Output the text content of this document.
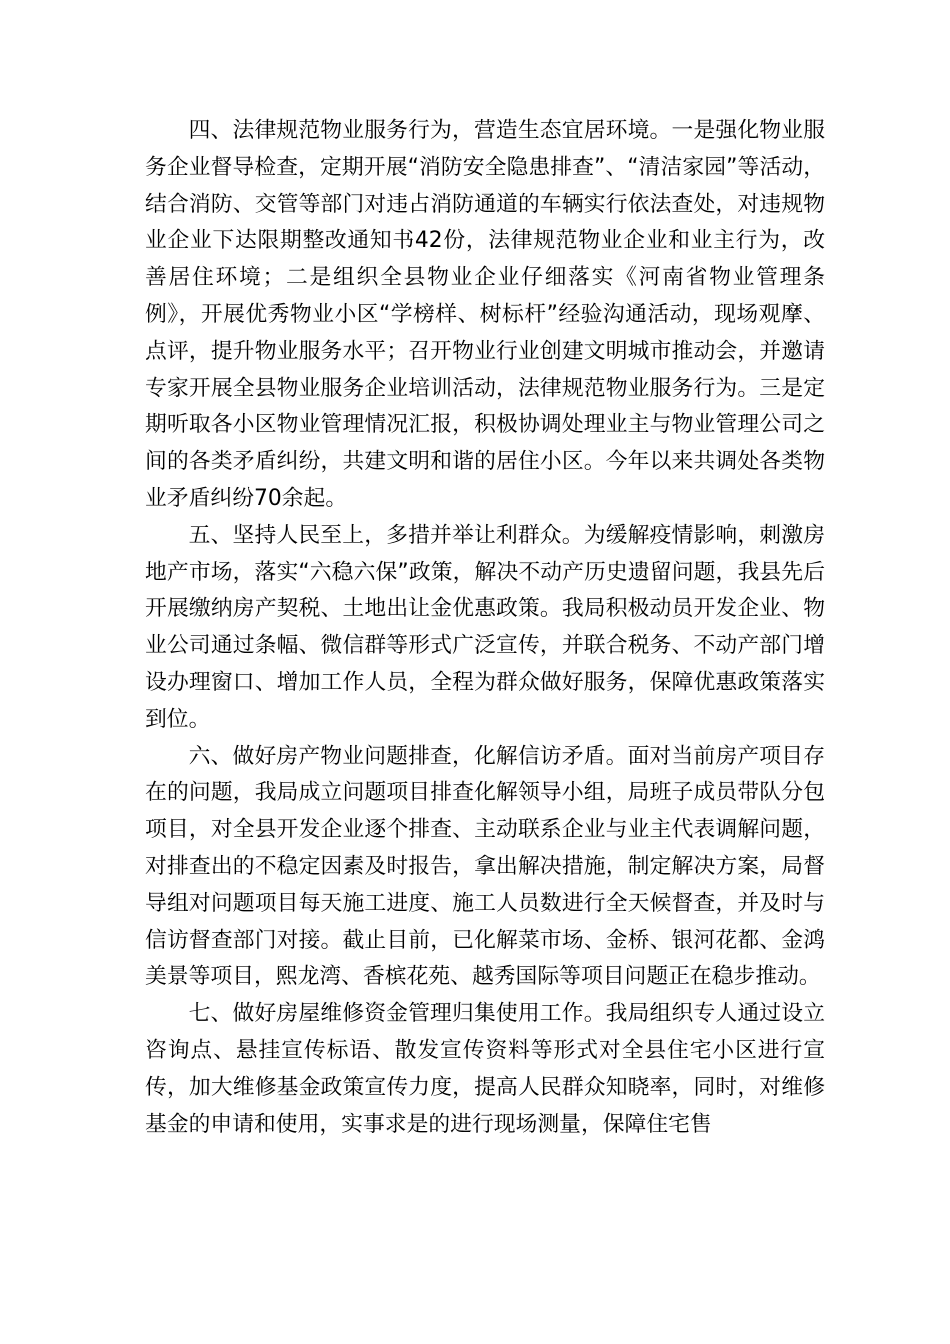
四、法律规范物业服务行为，营造生态宜居环境。一是强化物业服务企业督导检查，定期开展“消防安全隐患排查”、“清洁家园”等活动，结合消防、交管等部门对违占消防通道的车辆实行依法查处，对违规物业企业下达限期整改通知书42份，法律规范物业企业和业主行为，改善居住环境；二是组织全县物业企业仔细落实《河南省物业管理条例》，开展优秀物业小区“学榜样、树标杆”经验沟通活动，现场观摩、点评，提升物业服务水平；召开物业行业创建文明城市推动会，并邀请专家开展全县物业服务企业培训活动，法律规范物业服务行为。三是定期听取各小区物业管理情况汇报，积极协调处理业主与物业管理公司之间的各类矛盾纠纷，共建文明和谐的居住小区。今年以来共调处各类物业矛盾纠纷70余起。

五、坚持人民至上，多措并举让利群众。为缓解疫情影响，刺激房地产市场，落实“六稳六保”政策，解决不动产历史遗留问题，我县先后开展缴纳房产契税、土地出让金优惠政策。我局积极动员开发企业、物业公司通过条幅、微信群等形式广泛宣传，并联合税务、不动产部门增设办理窗口、增加工作人员，全程为群众做好服务，保障优惠政策落实到位。

六、做好房产物业问题排查，化解信访矛盾。面对当前房产项目存在的问题，我局成立问题项目排查化解领导小组，局班子成员带队分包项目，对全县开发企业逐个排查、主动联系企业与业主代表调解问题，对排查出的不稳定因素及时报告，拿出解决措施，制定解决方案，局督导组对问题项目每天施工进度、施工人员数进行全天候督查，并及时与信访督查部门对接。截止目前，已化解菜市场、金桥、银河花都、金鸿美景等项目，熙龙湾、香槟花苑、越秀国际等项目问题正在稳步推动。

七、做好房屋维修资金管理归集使用工作。我局组织专人通过设立咨询点、悬挂宣传标语、散发宣传资料等形式对全县住宅小区进行宣传，加大维修基金政策宣传力度，提高人民群众知晓率，同时，对维修基金的申请和使用，实事求是的进行现场测量，保障住宅售
